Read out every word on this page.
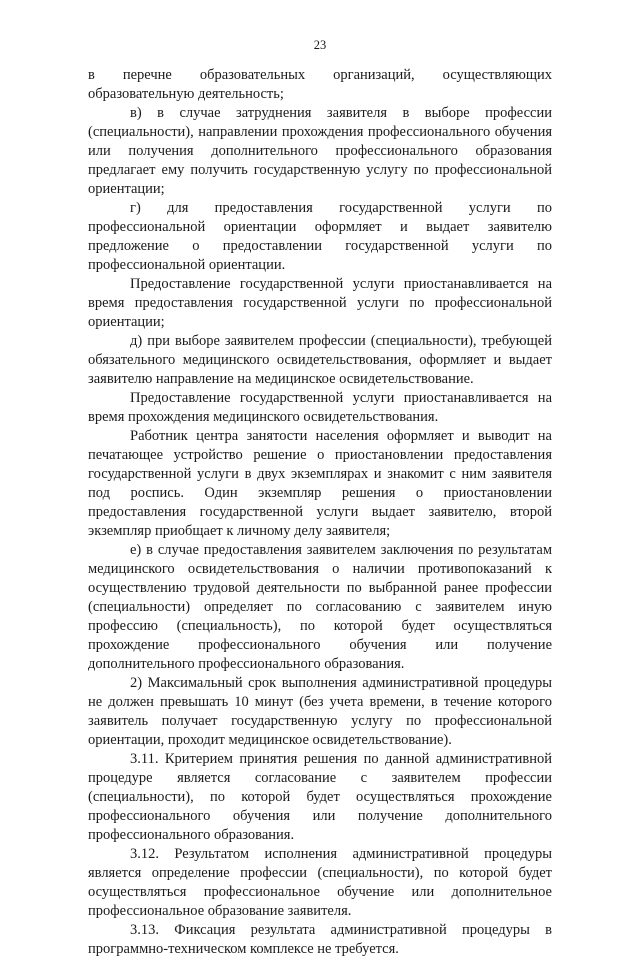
23

в перечне образовательных организаций, осуществляющих образовательную деятельность;

в) в случае затруднения заявителя в выборе профессии (специальности), направлении прохождения профессионального обучения или получения дополнительного профессионального образования предлагает ему получить государственную услугу по профессиональной ориентации;

г) для предоставления государственной услуги по профессиональной ориентации оформляет и выдает заявителю предложение о предоставлении государственной услуги по профессиональной ориентации.

Предоставление государственной услуги приостанавливается на время предоставления государственной услуги по профессиональной ориентации;

д) при выборе заявителем профессии (специальности), требующей обязательного медицинского освидетельствования, оформляет и выдает заявителю направление на медицинское освидетельствование.

Предоставление государственной услуги приостанавливается на время прохождения медицинского освидетельствования.

Работник центра занятости населения оформляет и выводит на печатающее устройство решение о приостановлении предоставления государственной услуги в двух экземплярах и знакомит с ним заявителя под роспись. Один экземпляр решения о приостановлении предоставления государственной услуги выдает заявителю, второй экземпляр приобщает к личному делу заявителя;

е) в случае предоставления заявителем заключения по результатам медицинского освидетельствования о наличии противопоказаний к осуществлению трудовой деятельности по выбранной ранее профессии (специальности) определяет по согласованию с заявителем иную профессию (специальность), по которой будет осуществляться прохождение профессионального обучения или получение дополнительного профессионального образования.

2) Максимальный срок выполнения административной процедуры не должен превышать 10 минут (без учета времени, в течение которого заявитель получает государственную услугу по профессиональной ориентации, проходит медицинское освидетельствование).

3.11. Критерием принятия решения по данной административной процедуре является согласование с заявителем профессии (специальности), по которой будет осуществляться прохождение профессионального обучения или получение дополнительного профессионального образования.

3.12. Результатом исполнения административной процедуры является определение профессии (специальности), по которой будет осуществляться профессиональное обучение или дополнительное профессиональное образование заявителя.

3.13. Фиксация результата административной процедуры в программно-техническом комплексе не требуется.
